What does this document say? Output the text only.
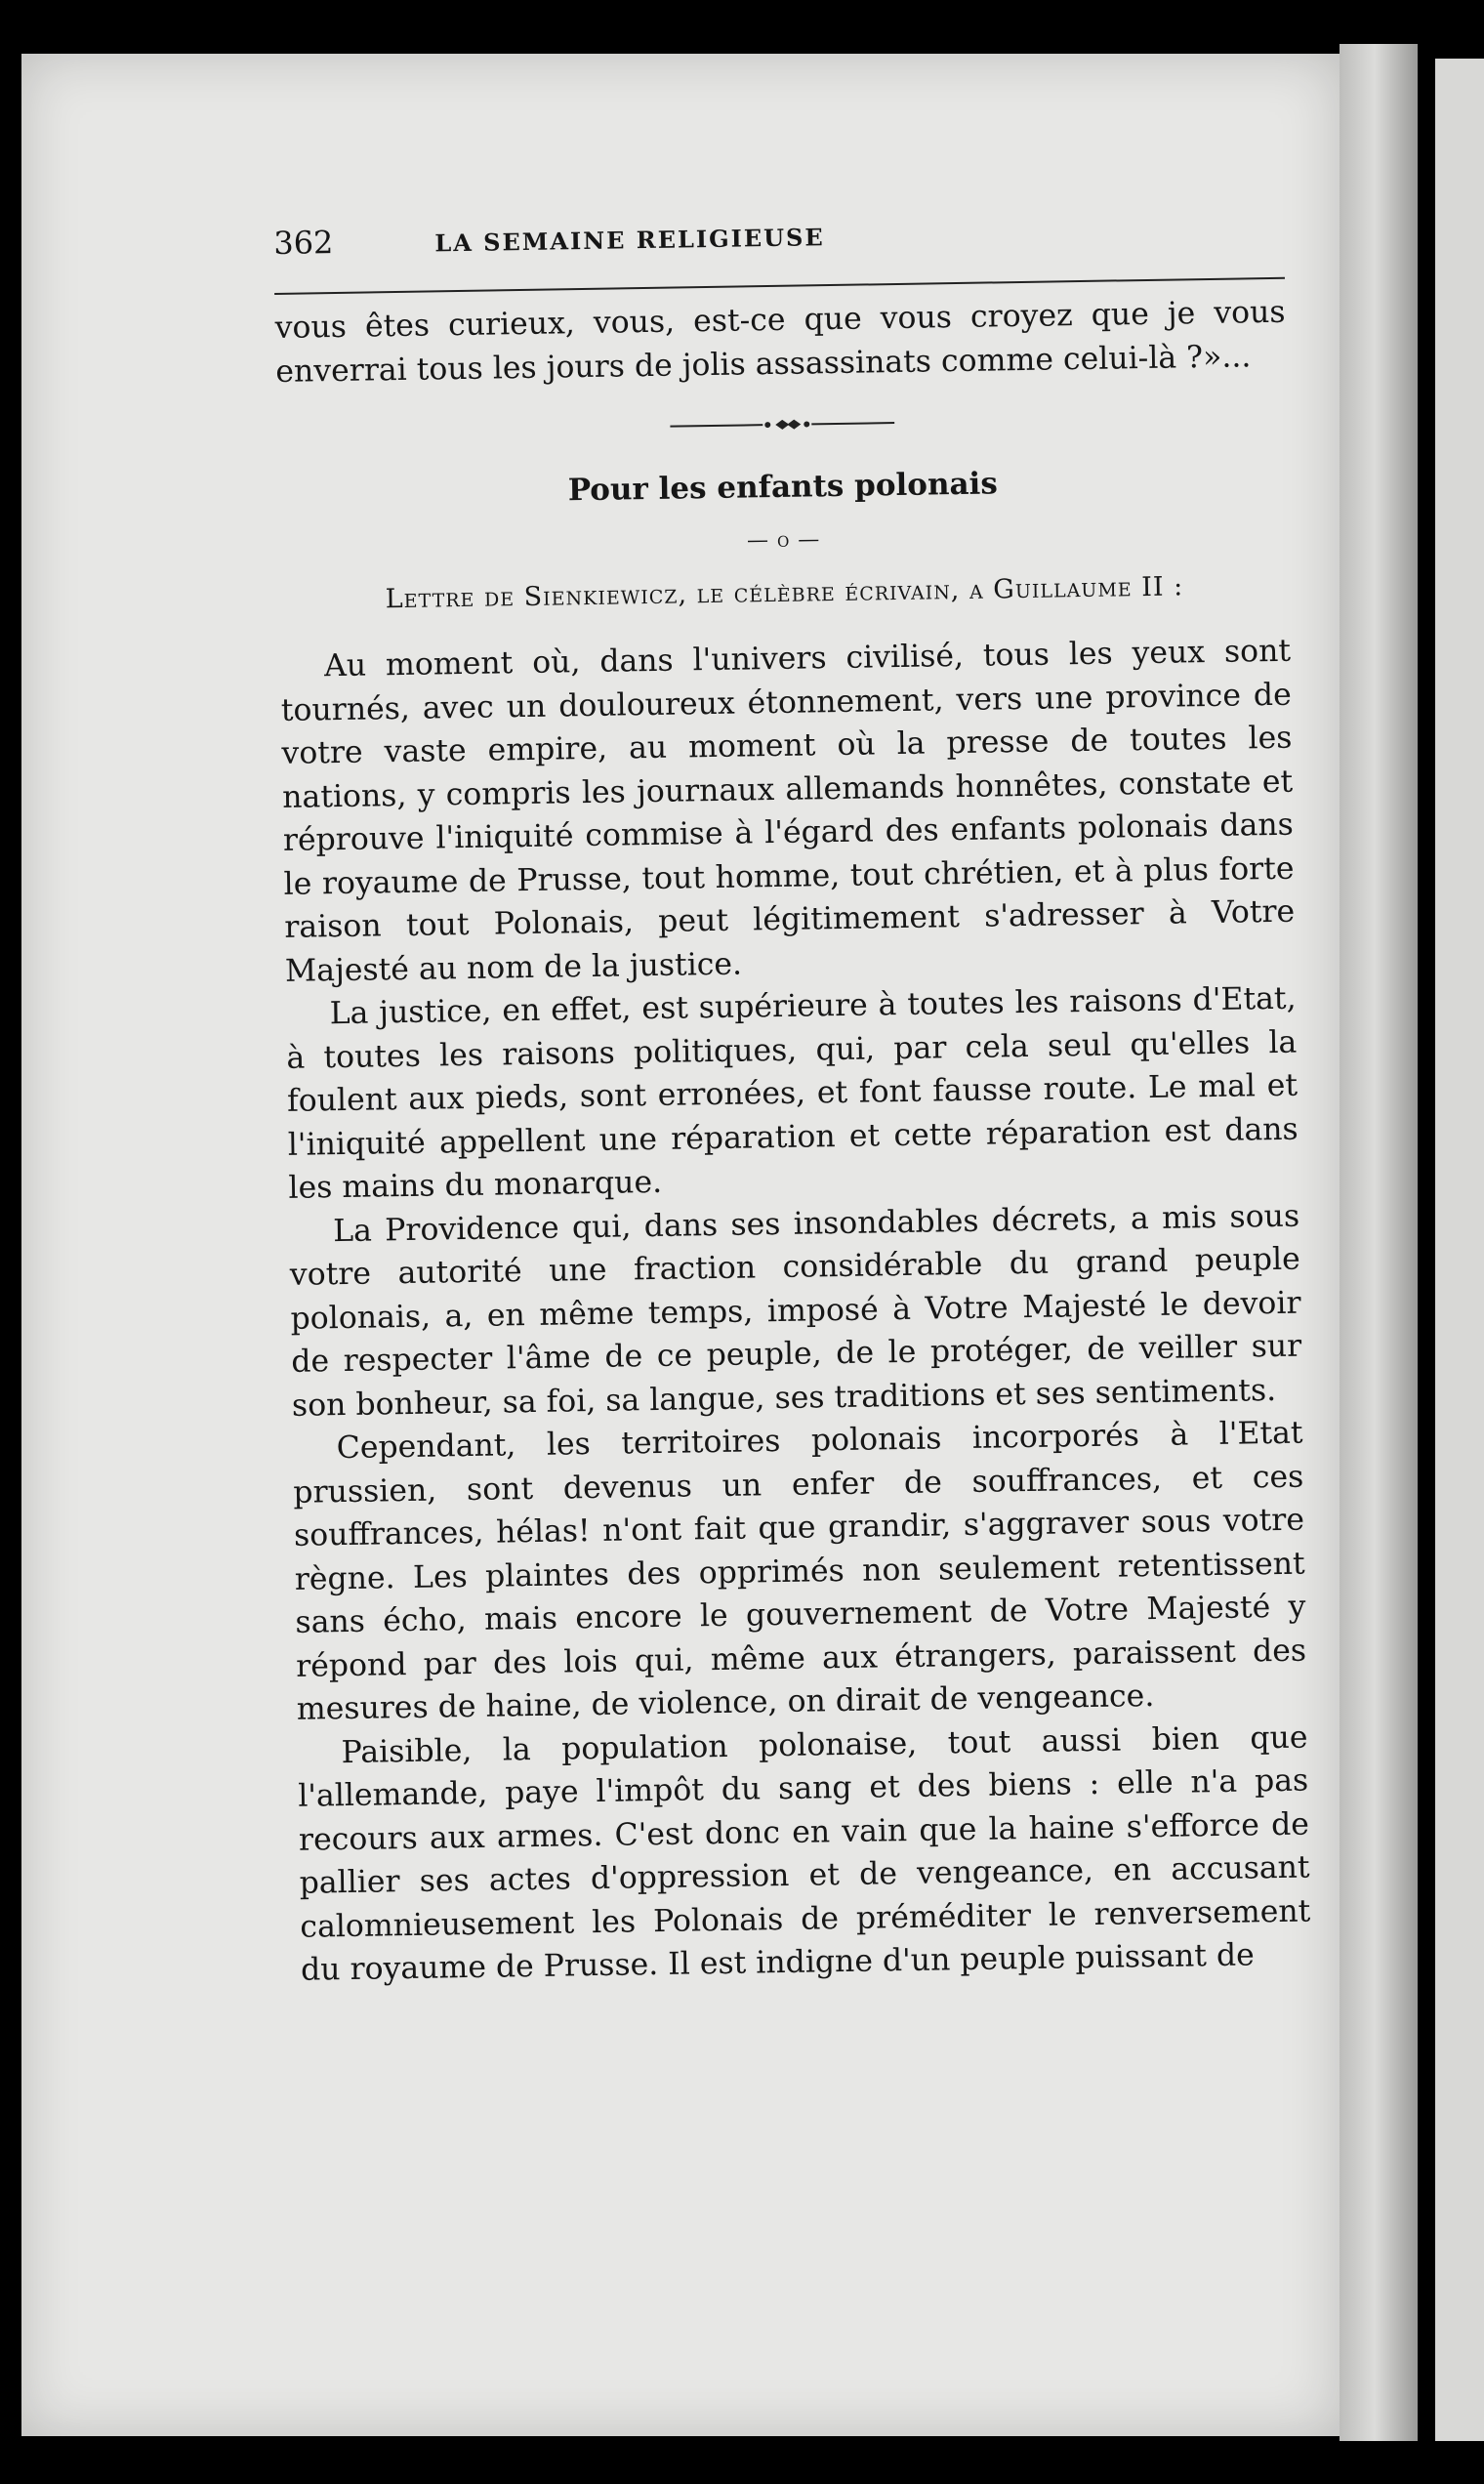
362	LA SEMAINE RELIGIEUSE

vous êtes curieux, vous, est-ce que vous croyez que je vous enverrai tous les jours de jolis assassinats comme celui-là ?»...

Pour les enfants polonais
— o —

Lettre de Sienkiewicz, le célèbre écrivain, a Guillaume II :

Au moment où, dans l'univers civilisé, tous les yeux sont tournés, avec un douloureux étonnement, vers une province de votre vaste empire, au moment où la presse de toutes les nations, y compris les journaux allemands honnêtes, constate et réprouve l'iniquité commise à l'égard des enfants polonais dans le royaume de Prusse, tout homme, tout chrétien, et à plus forte raison tout Polonais, peut légitimement s'adresser à Votre Majesté au nom de la justice.

La justice, en effet, est supérieure à toutes les raisons d'Etat, à toutes les raisons politiques, qui, par cela seul qu'elles la foulent aux pieds, sont erronées, et font fausse route. Le mal et l'iniquité appellent une réparation et cette réparation est dans les mains du monarque.

La Providence qui, dans ses insondables décrets, a mis sous votre autorité une fraction considérable du grand peuple polonais, a, en même temps, imposé à Votre Majesté le devoir de respecter l'âme de ce peuple, de le protéger, de veiller sur son bonheur, sa foi, sa langue, ses traditions et ses sentiments.

Cependant, les territoires polonais incorporés à l'Etat prussien, sont devenus un enfer de souffrances, et ces souffrances, hélas! n'ont fait que grandir, s'aggraver sous votre règne. Les plaintes des opprimés non seulement retentissent sans écho, mais encore le gouvernement de Votre Majesté y répond par des lois qui, même aux étrangers, paraissent des mesures de haine, de violence, on dirait de vengeance.

Paisible, la population polonaise, tout aussi bien que l'allemande, paye l'impôt du sang et des biens : elle n'a pas recours aux armes. C'est donc en vain que la haine s'efforce de pallier ses actes d'oppression et de vengeance, en accusant calomnieusement les Polonais de préméditer le renversement du royaume de Prusse. Il est indigne d'un peuple puissant de
